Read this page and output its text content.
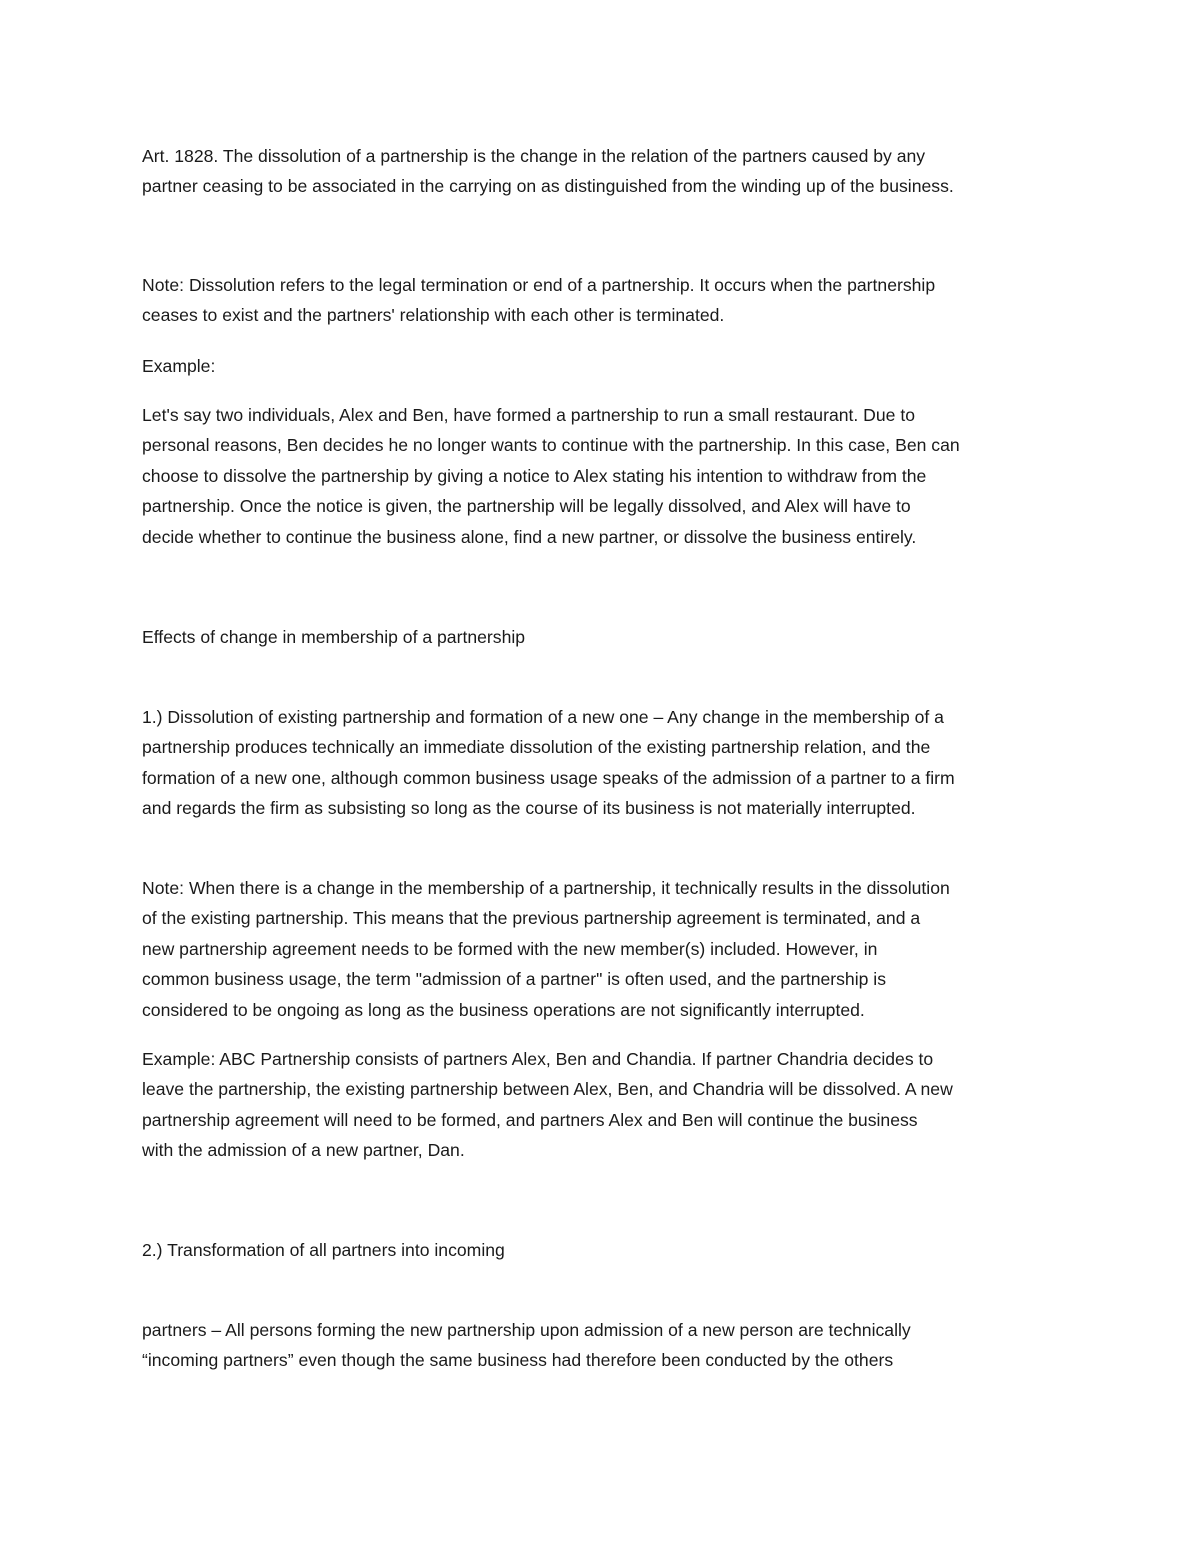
Art. 1828. The dissolution of a partnership is the change in the relation of the partners caused by any
partner ceasing to be associated in the carrying on as distinguished from the winding up of the business.

Note: Dissolution refers to the legal termination or end of a partnership. It occurs when the partnership
ceases to exist and the partners' relationship with each other is terminated.

Example:

Let's say two individuals, Alex and Ben, have formed a partnership to run a small restaurant. Due to
personal reasons, Ben decides he no longer wants to continue with the partnership. In this case, Ben can
choose to dissolve the partnership by giving a notice to Alex stating his intention to withdraw from the
partnership. Once the notice is given, the partnership will be legally dissolved, and Alex will have to
decide whether to continue the business alone, find a new partner, or dissolve the business entirely.

Effects of change in membership of a partnership

1.) Dissolution of existing partnership and formation of a new one – Any change in the membership of a
partnership produces technically an immediate dissolution of the existing partnership relation, and the
formation of a new one, although common business usage speaks of the admission of a partner to a firm
and regards the firm as subsisting so long as the course of its business is not materially interrupted.

Note: When there is a change in the membership of a partnership, it technically results in the dissolution
of the existing partnership. This means that the previous partnership agreement is terminated, and a
new partnership agreement needs to be formed with the new member(s) included. However, in
common business usage, the term "admission of a partner" is often used, and the partnership is
considered to be ongoing as long as the business operations are not significantly interrupted.

Example: ABC Partnership consists of partners Alex, Ben and Chandia. If partner Chandria decides to
leave the partnership, the existing partnership between Alex, Ben, and Chandria will be dissolved. A new
partnership agreement will need to be formed, and partners Alex and Ben will continue the business
with the admission of a new partner, Dan.

2.) Transformation of all partners into incoming

partners – All persons forming the new partnership upon admission of a new person are technically
“incoming partners” even though the same business had therefore been conducted by the others
